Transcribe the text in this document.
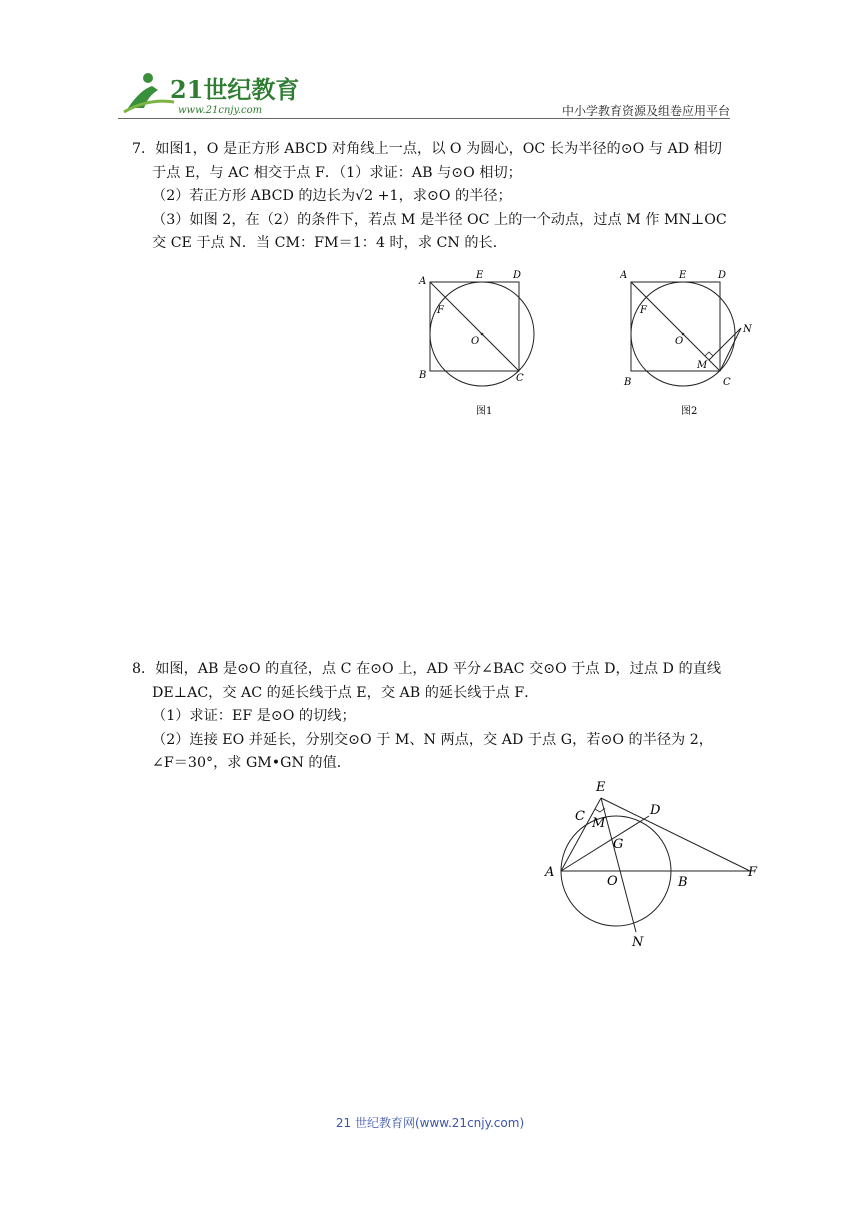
21世纪教育
www.21cnjy.com	中小学教育资源及组卷应用平台

7．如图1，O 是正方形 ABCD 对角线上一点，以 O 为圆心，OC 长为半径的⊙O 与 AD 相切

于点 E，与 AC 相交于点 F．（1）求证：AB 与⊙O 相切；

（2）若正方形 ABCD 的边长为√2 +1，求⊙O 的半径；

（3）如图 2，在（2）的条件下，若点 M 是半径 OC 上的一个动点，过点 M 作 MN⊥OC

交 CE 于点 N．当 CM：FM＝1：4 时，求 CN 的长．

A
E	D
F
O
B	C
图1
A	E	D
F
O
M
N
B	C
图2

8．如图，AB 是⊙O 的直径，点 C 在⊙O 上，AD 平分∠BAC 交⊙O 于点 D，过点 D 的直线

DE⊥AC，交 AC 的延长线于点 E，交 AB 的延长线于点 F．

（1）求证：EF 是⊙O 的切线；

（2）连接 EO 并延长，分别交⊙O 于 M、N 两点，交 AD 于点 G，若⊙O 的半径为 2，

∠F＝30°，求 GM•GN 的值．

E
C M
D
G
A
O	B
F
N
21 世纪教育网(www.21cnjy.com)
